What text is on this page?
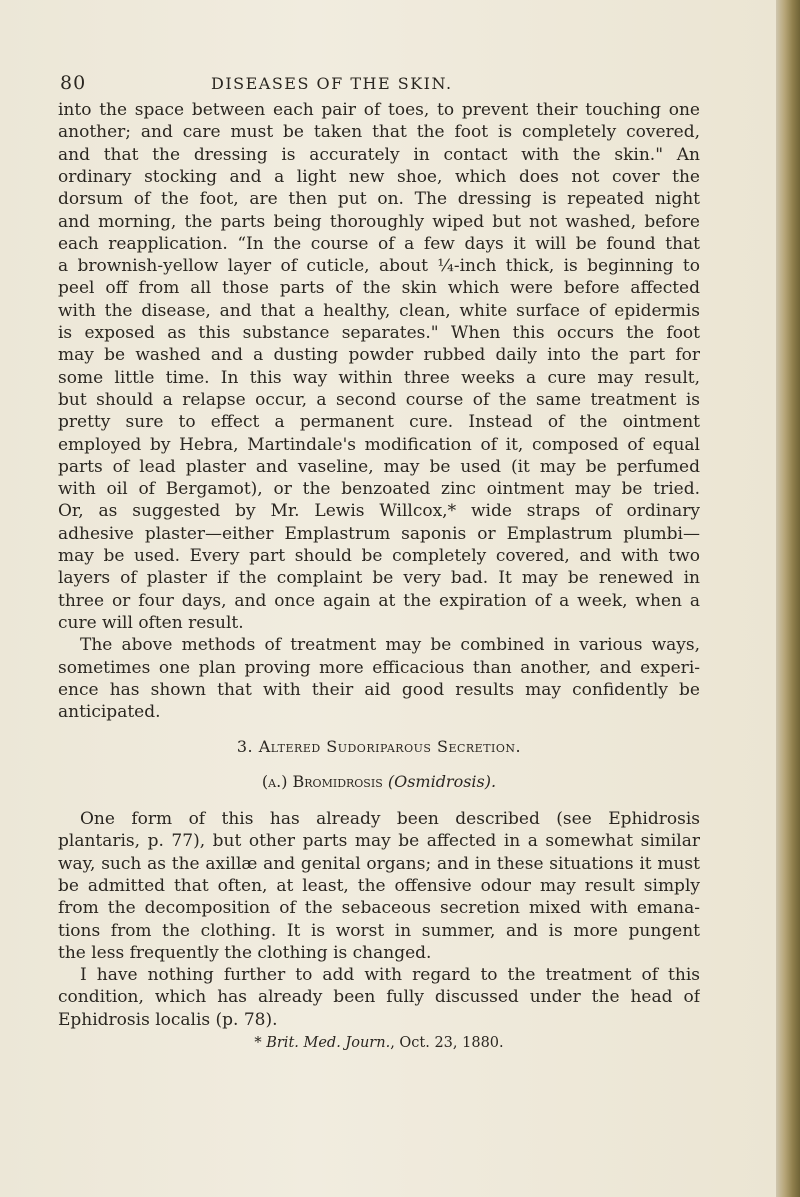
80	DISEASES OF THE SKIN.
into the space between each pair of toes, to prevent their touching one
another; and care must be taken that the foot is completely covered,
and that the dressing is accurately in contact with the skin." An
ordinary stocking and a light new shoe, which does not cover the
dorsum of the foot, are then put on. The dressing is repeated night
and morning, the parts being thoroughly wiped but not washed, before
each reapplication. “In the course of a few days it will be found that
a brownish-yellow layer of cuticle, about ¼-inch thick, is beginning to
peel off from all those parts of the skin which were before affected
with the disease, and that a healthy, clean, white surface of epidermis
is exposed as this substance separates." When this occurs the foot
may be washed and a dusting powder rubbed daily into the part for
some little time. In this way within three weeks a cure may result,
but should a relapse occur, a second course of the same treatment is
pretty sure to effect a permanent cure. Instead of the ointment
employed by Hebra, Martindale's modification of it, composed of equal
parts of lead plaster and vaseline, may be used (it may be perfumed
with oil of Bergamot), or the benzoated zinc ointment may be tried.
Or, as suggested by Mr. Lewis Willcox,* wide straps of ordinary
adhesive plaster—either Emplastrum saponis or Emplastrum plumbi—
may be used. Every part should be completely covered, and with two
layers of plaster if the complaint be very bad. It may be renewed in
three or four days, and once again at the expiration of a week, when a
cure will often result.
The above methods of treatment may be combined in various ways,
sometimes one plan proving more efficacious than another, and experi-
ence has shown that with their aid good results may confidently be
anticipated.
3. Altered Sudoriparous Secretion.
(a.) Bromidrosis (Osmidrosis).
One form of this has already been described (see Ephidrosis
plantaris, p. 77), but other parts may be affected in a somewhat similar
way, such as the axillæ and genital organs; and in these situations it must
be admitted that often, at least, the offensive odour may result simply
from the decomposition of the sebaceous secretion mixed with emana-
tions from the clothing. It is worst in summer, and is more pungent
the less frequently the clothing is changed.
I have nothing further to add with regard to the treatment of this
condition, which has already been fully discussed under the head of
Ephidrosis localis (p. 78).
* Brit. Med. Journ., Oct. 23, 1880.
